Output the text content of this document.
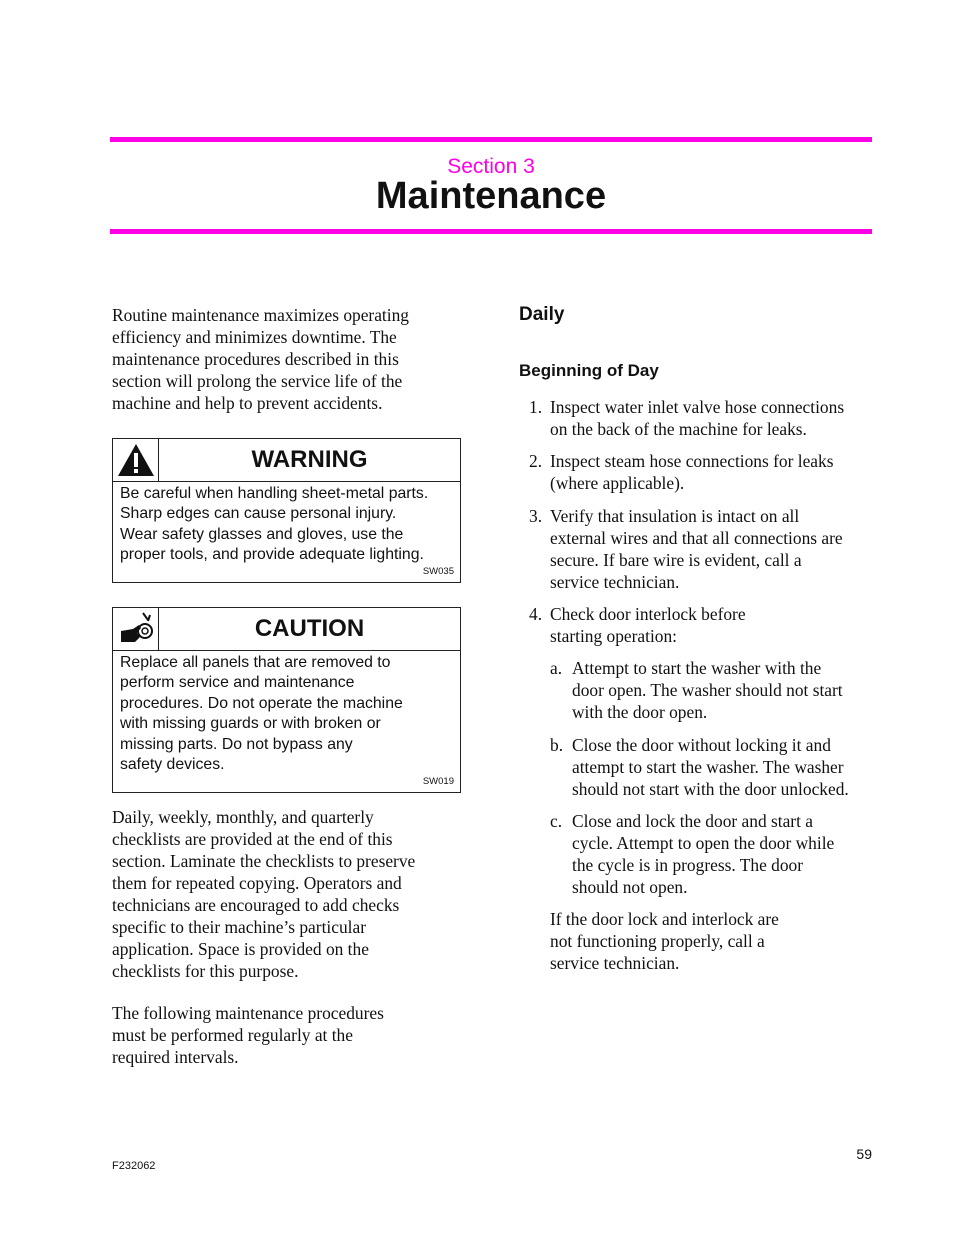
Section 3
Maintenance

Routine maintenance maximizes operating
efficiency and minimizes downtime. The
maintenance procedures described in this
section will prolong the service life of the
machine and help to prevent accidents.

WARNING
Be careful when handling sheet-metal parts.
Sharp edges can cause personal injury.
Wear safety glasses and gloves, use the
proper tools, and provide adequate lighting.
SW035
CAUTION
Replace all panels that are removed to
perform service and maintenance
procedures. Do not operate the machine
with missing guards or with broken or
missing parts. Do not bypass any
safety devices.
SW019

Daily, weekly, monthly, and quarterly
checklists are provided at the end of this
section. Laminate the checklists to preserve
them for repeated copying. Operators and
technicians are encouraged to add checks
specific to their machine’s particular
application. Space is provided on the
checklists for this purpose.

The following maintenance procedures
must be performed regularly at the
required intervals.

Daily
Beginning of Day
1. Inspect water inlet valve hose connections
on the back of the machine for leaks.
2. Inspect steam hose connections for leaks
(where applicable).
3. Verify that insulation is intact on all
external wires and that all connections are
secure. If bare wire is evident, call a
service technician.
4. Check door interlock before
starting operation:
a. Attempt to start the washer with the
door open. The washer should not start
with the door open.
b. Close the door without locking it and
attempt to start the washer. The washer
should not start with the door unlocked.
c. Close and lock the door and start a
cycle. Attempt to open the door while
the cycle is in progress. The door
should not open.

If the door lock and interlock are
not functioning properly, call a
service technician.

59
F232062
